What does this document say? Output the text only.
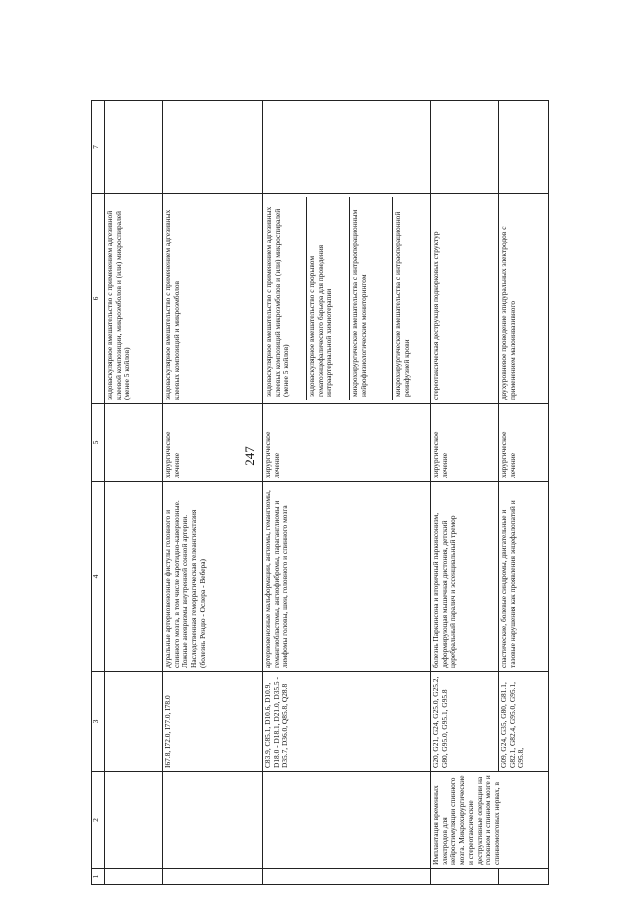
247
1	2	3	4	5	6	7
					эндоваскулярное вмешательство с применением адгезивной клеевой композиции, микроэмболов и (или) микроспиралей (менее 5 койлов)	
		I67.8, I72.0, I77.0, I78.0	дуральные артериовенозные фистулы головного и спинного мозга, в том числе каротидно-кавернозные. Ложные аневризмы внутренней сонной артерии. Наследственная геморрагическая телеангиэктазия (болезнь Рендю - Ослера - Вебера)	хирургическое лечение	эндоваскулярное вмешательство с применением адгезивных клеевых композиций и микроэмболов	
		C83.9, C85.1, D10.6, D10.9, D18.0 - D18.1, D21.0, D35.5 - D35.7, D36.0, Q85.8, Q28.8	артериовенозные мальформации, ангиомы, гемангиомы, гемангиобластомы, ангиофибромы, параганглиомы и лимфомы головы, шеи, головного и спинного мозга	хирургическое лечение	эндоваскулярное вмешательство с применением адгезивных клеевых композиций микроэмболов и (или) микроспиралей (менее 5 койлов) эндоваскулярное вмешательство с прорывом гематоэнцефалического барьера для проведения интраартериальной химиотерапии микрохирургические вмешательства с интраоперационным нейрофизиологическим мониторингом микрохирургические вмешательства с интраоперационной реинфузией крови	

	Имплантация временных электродов для нейростимуляции спинного мозга. Микрохирургические и стереотаксические деструктивные операции на головном и спинном мозге и спинномозговых нервах, в	G20, G21, G24, G25.0, G25.2, G80, G95.0, G95.1, G95.8	болезнь Паркинсона и вторичный паркинсонизм, деформирующая мышечная дистония, детский церебральный паралич и эссенциальный тремор	хирургическое лечение	стереотаксическая деструкция подкорковых структур	
		G09, G24, G35, G80, G81.1, G82.1, G82.4, G95.0, G95.1, G95.8,	спастические, болевые синдромы, двигательные и тазовые нарушения как проявления энцефалопатий и	хирургическое лечение	двухуровневое проведение эпидуральных электродов с применением малоинвазивного	
